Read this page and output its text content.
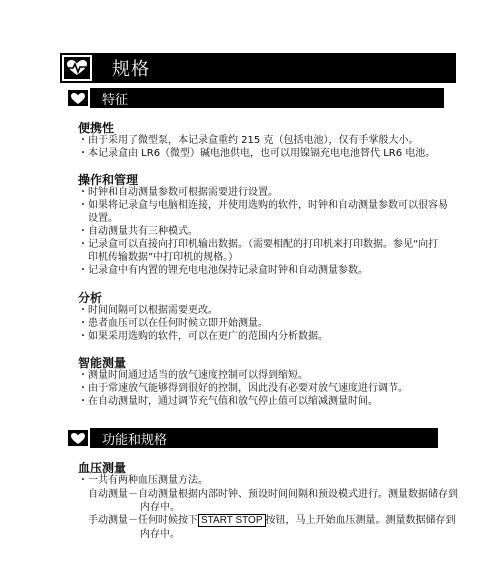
规格
特征
便携性
・由于采用了微型泵，本记录盒重约 215 克（包括电池），仅有手掌般大小。
・本记录盒由 LR6（微型）碱电池供电，也可以用镍镉充电电池替代 LR6 电池。
操作和管理
・时钟和自动测量参数可根据需要进行设置。
・如果将记录盒与电脑相连接，并使用选购的软件，时钟和自动测量参数可以很容易
设置。
・自动测量共有三种模式。
・记录盒可以直接向打印机输出数据。（需要相配的打印机来打印数据。参见“向打
印机传输数据”中打印机的规格。）
・记录盒中有内置的锂充电电池保持记录盒时钟和自动测量参数。
分析
・时间间隔可以根据需要更改。
・患者血压可以在任何时候立即开始测量。
・如果采用选购的软件，可以在更广的范围内分析数据。
智能测量
・测量时间通过适当的放气速度控制可以得到缩短。
・由于常速放气能够得到很好的控制，因此没有必要对放气速度进行调节。
・在自动测量时，通过调节充气值和放气停止值可以缩减测量时间。
功能和规格
血压测量
・一共有两种血压测量方法。
自动测量－自动测量根据内部时钟、预设时间间隔和预设模式进行。测量数据储存到
内存中。
手动测量－任何时候按下 START STOP 按钮，马上开始血压测量。测量数据储存到
内存中。
